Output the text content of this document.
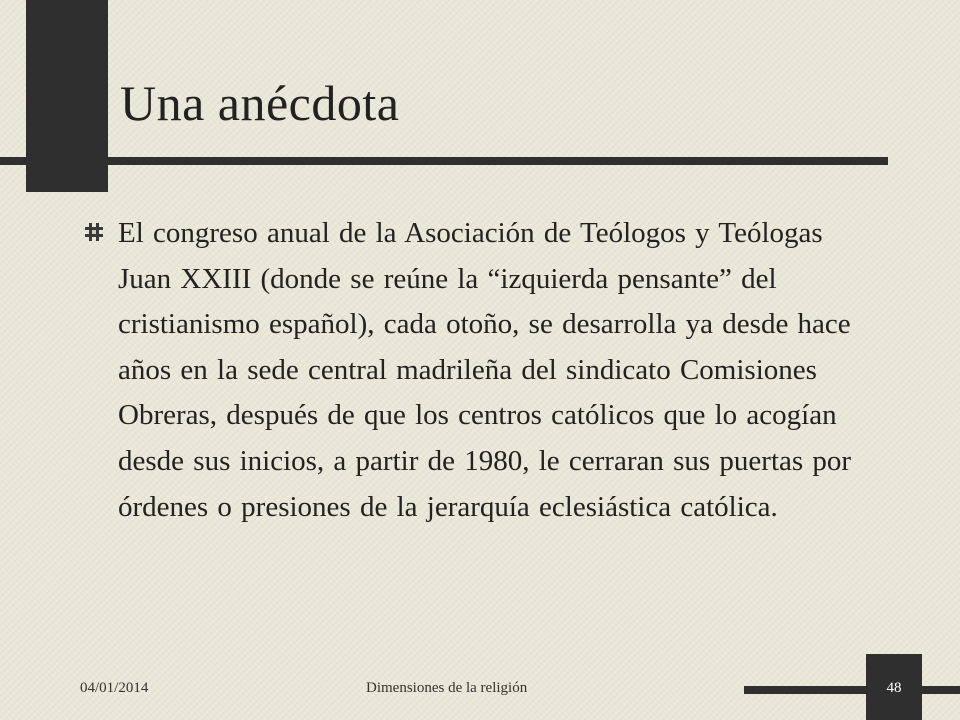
Una anécdota

El congreso anual de la Asociación de Teólogos y Teólogas Juan XXIII (donde se reúne la “izquierda pensante” del cristianismo español), cada otoño, se desarrolla ya desde hace años en la sede central madrileña del sindicato Comisiones Obreras, después de que los centros católicos que lo acogían desde sus inicios, a partir de 1980, le cerraran sus puertas por órdenes o presiones de la jerarquía eclesiástica católica.

04/01/2014	Dimensiones de la religión	48
